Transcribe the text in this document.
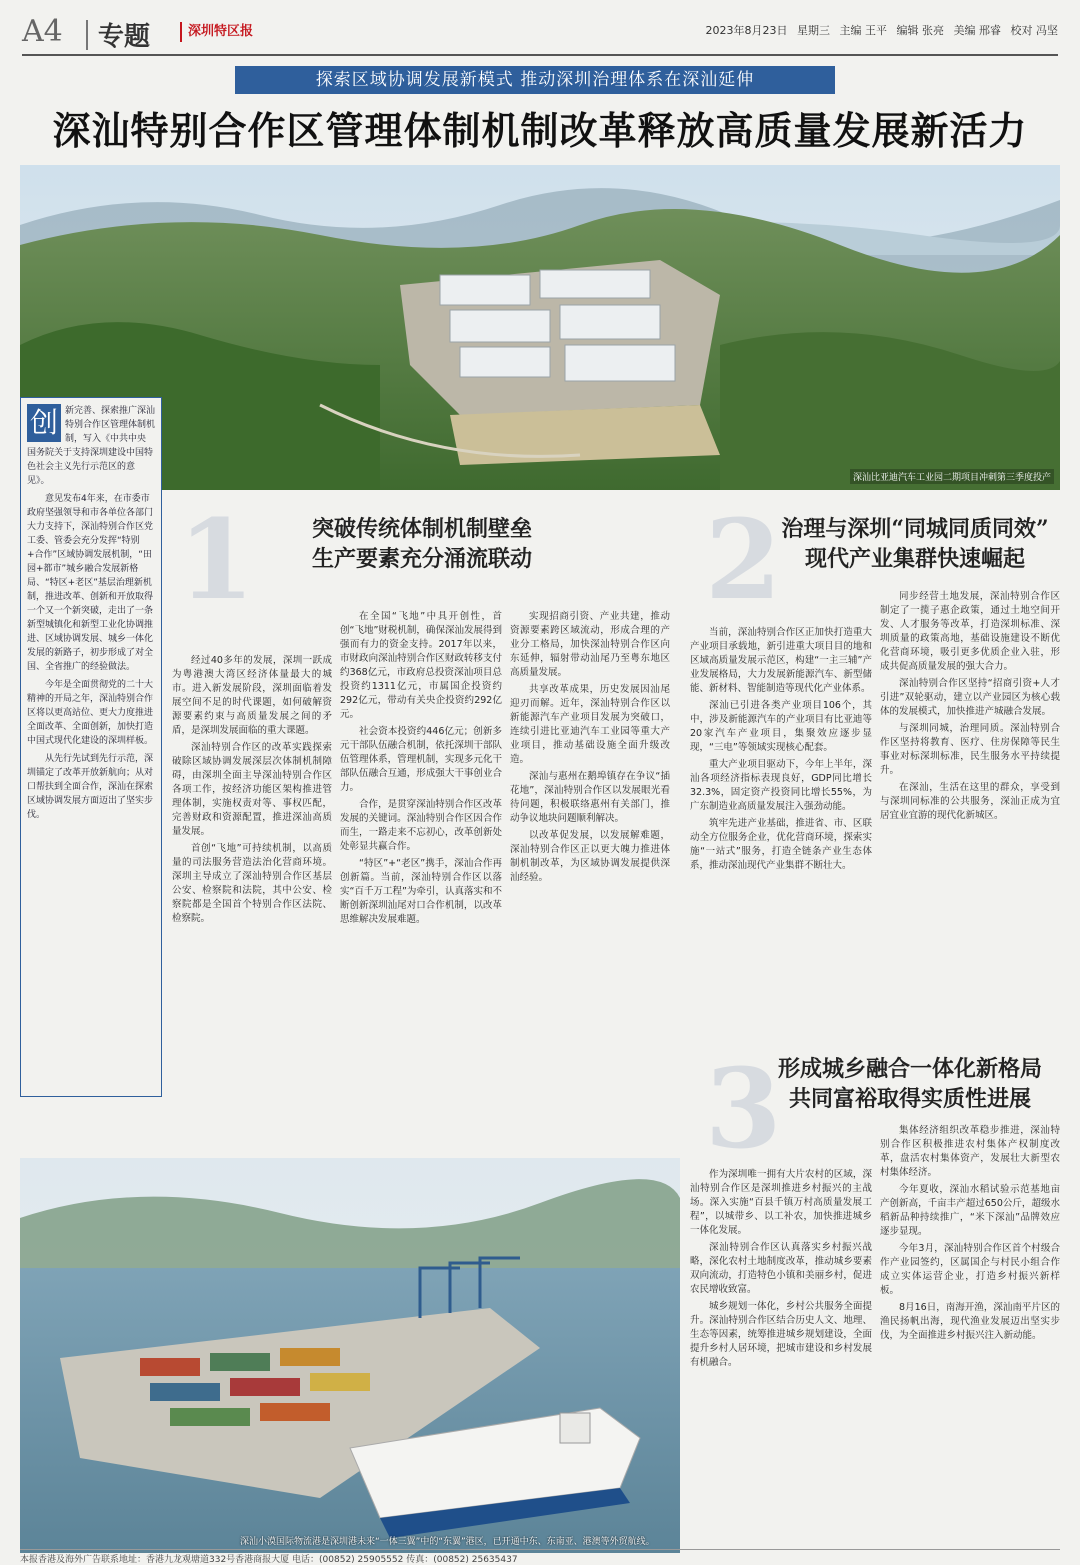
A4 专题	深圳特区报	2023年8月23日 星期三 主编 王平 编辑 张亮 美编 邢睿 校对 冯坚
探索区域协调发展新模式 推动深圳治理体系在深汕延伸
深汕特别合作区管理体制机制改革释放高质量发展新活力
深汕比亚迪汽车工业园二期项目冲刺第三季度投产
创 新完善、探索推广深汕特别合作区管理体制机制，写入《中共中央 国务院关于支持深圳建设中国特色社会主义先行示范区的意见》。

意见发布4年来，在市委市政府坚强领导和市各单位各部门大力支持下，深汕特别合作区党工委、管委会充分发挥“特别+合作”区域协调发展机制，“田园+都市”城乡融合发展新格局、“特区+老区”基层治理新机制，推进改革、创新和开放取得一个又一个新突破，走出了一条新型城镇化和新型工业化协调推进、区域协调发展、城乡一体化发展的新路子，初步形成了对全国、全省推广的经验做法。

今年是全面贯彻党的二十大精神的开局之年，深汕特别合作区将以更高站位、更大力度推进全面改革、全面创新，加快打造中国式现代化建设的深圳样板。

从先行先试到先行示范，深圳锚定了改革开放新航向；从对口帮扶到全面合作，深汕在探索区域协调发展方面迈出了坚实步伐。

1	突破传统体制机制壁垒
生产要素充分涌流联动

经过40多年的发展，深圳一跃成为粤港澳大湾区经济体量最大的城市。进入新发展阶段，深圳面临着发展空间不足的时代课题，如何破解资源要素约束与高质量发展之间的矛盾，是深圳发展面临的重大课题。

深汕特别合作区的改革实践探索破除区域协调发展深层次体制机制障碍，由深圳全面主导深汕特别合作区各项工作，按经济功能区架构推进管理体制，实施权责对等、事权匹配，完善财政和资源配置，推进深汕高质量发展。

首创“飞地”可持续机制，以高质量的司法服务营造法治化营商环境。深圳主导成立了深汕特别合作区基层公安、检察院和法院，其中公安、检察院都是全国首个特别合作区法院、检察院。

在全国“飞地”中具开创性，首创“飞地”财税机制，确保深汕发展得到强而有力的资金支持。2017年以来，市财政向深汕特别合作区财政转移支付约368亿元，市政府总投资深汕项目总投资约1311亿元，市属国企投资约292亿元，带动有关央企投资约292亿元。

社会资本投资约446亿元；创新多元干部队伍融合机制，依托深圳干部队伍管理体系，管理机制，实现多元化干部队伍融合互通，形成强大干事创业合力。

合作，是贯穿深汕特别合作区改革发展的关键词。深汕特别合作区因合作而生，一路走来不忘初心，改革创新处处彰显共赢合作。

“特区”+“老区”携手，深汕合作再创新篇。当前，深汕特别合作区以落实“百千万工程”为牵引，认真落实和不断创新深圳汕尾对口合作机制，以改革思维解决发展难题。

实现招商引资、产业共建，推动资源要素跨区域流动，形成合理的产业分工格局，加快深汕特别合作区向东延伸，辐射带动汕尾乃至粤东地区高质量发展。

共享改革成果，历史发展因汕尾迎刃而解。近年，深汕特别合作区以新能源汽车产业项目发展为突破口，连续引进比亚迪汽车工业园等重大产业项目，推动基础设施全面升级改造。

深汕与惠州在鹅埠镇存在争议“插花地”，深汕特别合作区以发展眼光看待问题，积极联络惠州有关部门，推动争议地块问题顺利解决。

以改革促发展，以发展解难题，深汕特别合作区正以更大魄力推进体制机制改革，为区域协调发展提供深汕经验。

2 治理与深圳“同城同质同效”
现代产业集群快速崛起

当前，深汕特别合作区正加快打造重大产业项目承载地，新引进重大项目目的地和区域高质量发展示范区，构建“一主三辅”产业发展格局，大力发展新能源汽车、新型储能、新材料、智能制造等现代化产业体系。

深汕已引进各类产业项目106个，其中，涉及新能源汽车的产业项目有比亚迪等20家汽车产业项目，集聚效应逐步显现，“三电”等领域实现核心配套。

重大产业项目驱动下，今年上半年，深汕各项经济指标表现良好，GDP同比增长32.3%，固定资产投资同比增长55%，为广东制造业高质量发展注入强劲动能。

筑牢先进产业基础，推进省、市、区联动全方位服务企业，优化营商环境，探索实施“一站式”服务，打造全链条产业生态体系，推动深汕现代产业集群不断壮大。

同步经营土地发展，深汕特别合作区制定了一揽子惠企政策，通过土地空间开发、人才服务等改革，打造深圳标准、深圳质量的政策高地，基础设施建设不断优化营商环境，吸引更多优质企业入驻，形成共促高质量发展的强大合力。

深汕特别合作区坚持“招商引资+人才引进”双轮驱动，建立以产业园区为核心载体的发展模式，加快推进产城融合发展。

与深圳同城，治理同质。深汕特别合作区坚持将教育、医疗、住房保障等民生事业对标深圳标准，民生服务水平持续提升。

在深汕，生活在这里的群众，享受到与深圳同标准的公共服务，深汕正成为宜居宜业宜游的现代化新城区。

3
形成城乡融合一体化新格局
共同富裕取得实质性进展

作为深圳唯一拥有大片农村的区域，深汕特别合作区是深圳推进乡村振兴的主战场。深入实施“百县千镇万村高质量发展工程”，以城带乡、以工补农，加快推进城乡一体化发展。

深汕特别合作区认真落实乡村振兴战略，深化农村土地制度改革，推动城乡要素双向流动，打造特色小镇和美丽乡村，促进农民增收致富。

城乡规划一体化，乡村公共服务全面提升。深汕特别合作区结合历史人文、地理、生态等因素，统筹推进城乡规划建设，全面提升乡村人居环境，把城市建设和乡村发展有机融合。

集体经济组织改革稳步推进，深汕特别合作区积极推进农村集体产权制度改革，盘活农村集体资产，发展壮大新型农村集体经济。

今年夏收，深汕水稻试验示范基地亩产创新高，千亩丰产超过650公斤，超级水稻新品种持续推广，“米下深汕”品牌效应逐步显现。

今年3月，深汕特别合作区首个村级合作产业园签约，区属国企与村民小组合作成立实体运营企业，打造乡村振兴新样板。

8月16日，南海开渔，深汕南平片区的渔民扬帆出海，现代渔业发展迈出坚实步伐，为全面推进乡村振兴注入新动能。

深汕小漠国际物流港是深圳港未来“一体三翼”中的“东翼”港区，已开通中东、东南亚、港澳等外贸航线。
本报香港及海外广告联系地址：香港九龙观塘道332号香港商报大厦 电话：(00852) 25905552 传真：(00852) 25635437
